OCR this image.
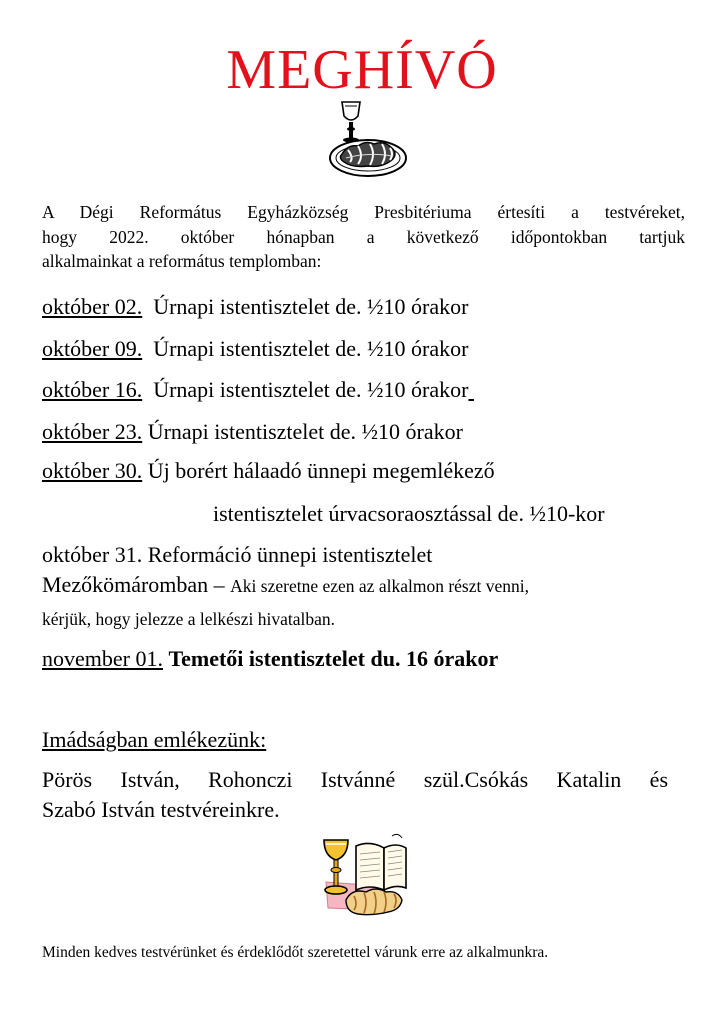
MEGHÍVÓ
A Dégi Református Egyházközség Presbitériuma értesíti a testvéreket,
hogy 2022. október hónapban a következő időpontokban tartjuk
alkalmainkat a református templomban:
október 02. Úrnapi istentisztelet de. ½10 órakor
október 09. Úrnapi istentisztelet de. ½10 órakor
október 16. Úrnapi istentisztelet de. ½10 órakor
október 23. Úrnapi istentisztelet de. ½10 órakor
október 30. Új borért hálaadó ünnepi megemlékező
istentisztelet úrvacsoraosztással de. ½10-kor
október 31. Reformáció ünnepi istentisztelet
Mezőkömáromban – Aki szeretne ezen az alkalmon részt venni,
kérjük, hogy jelezze a lelkészi hivatalban.
november 01. Temetői istentisztelet du. 16 órakor
Imádságban emlékezünk:
Pörös István, Rohonczi Istvánné szül.Csókás Katalin és
Szabó István testvéreinkre.
Minden kedves testvérünket és érdeklődőt szeretettel várunk erre az alkalmunkra.
